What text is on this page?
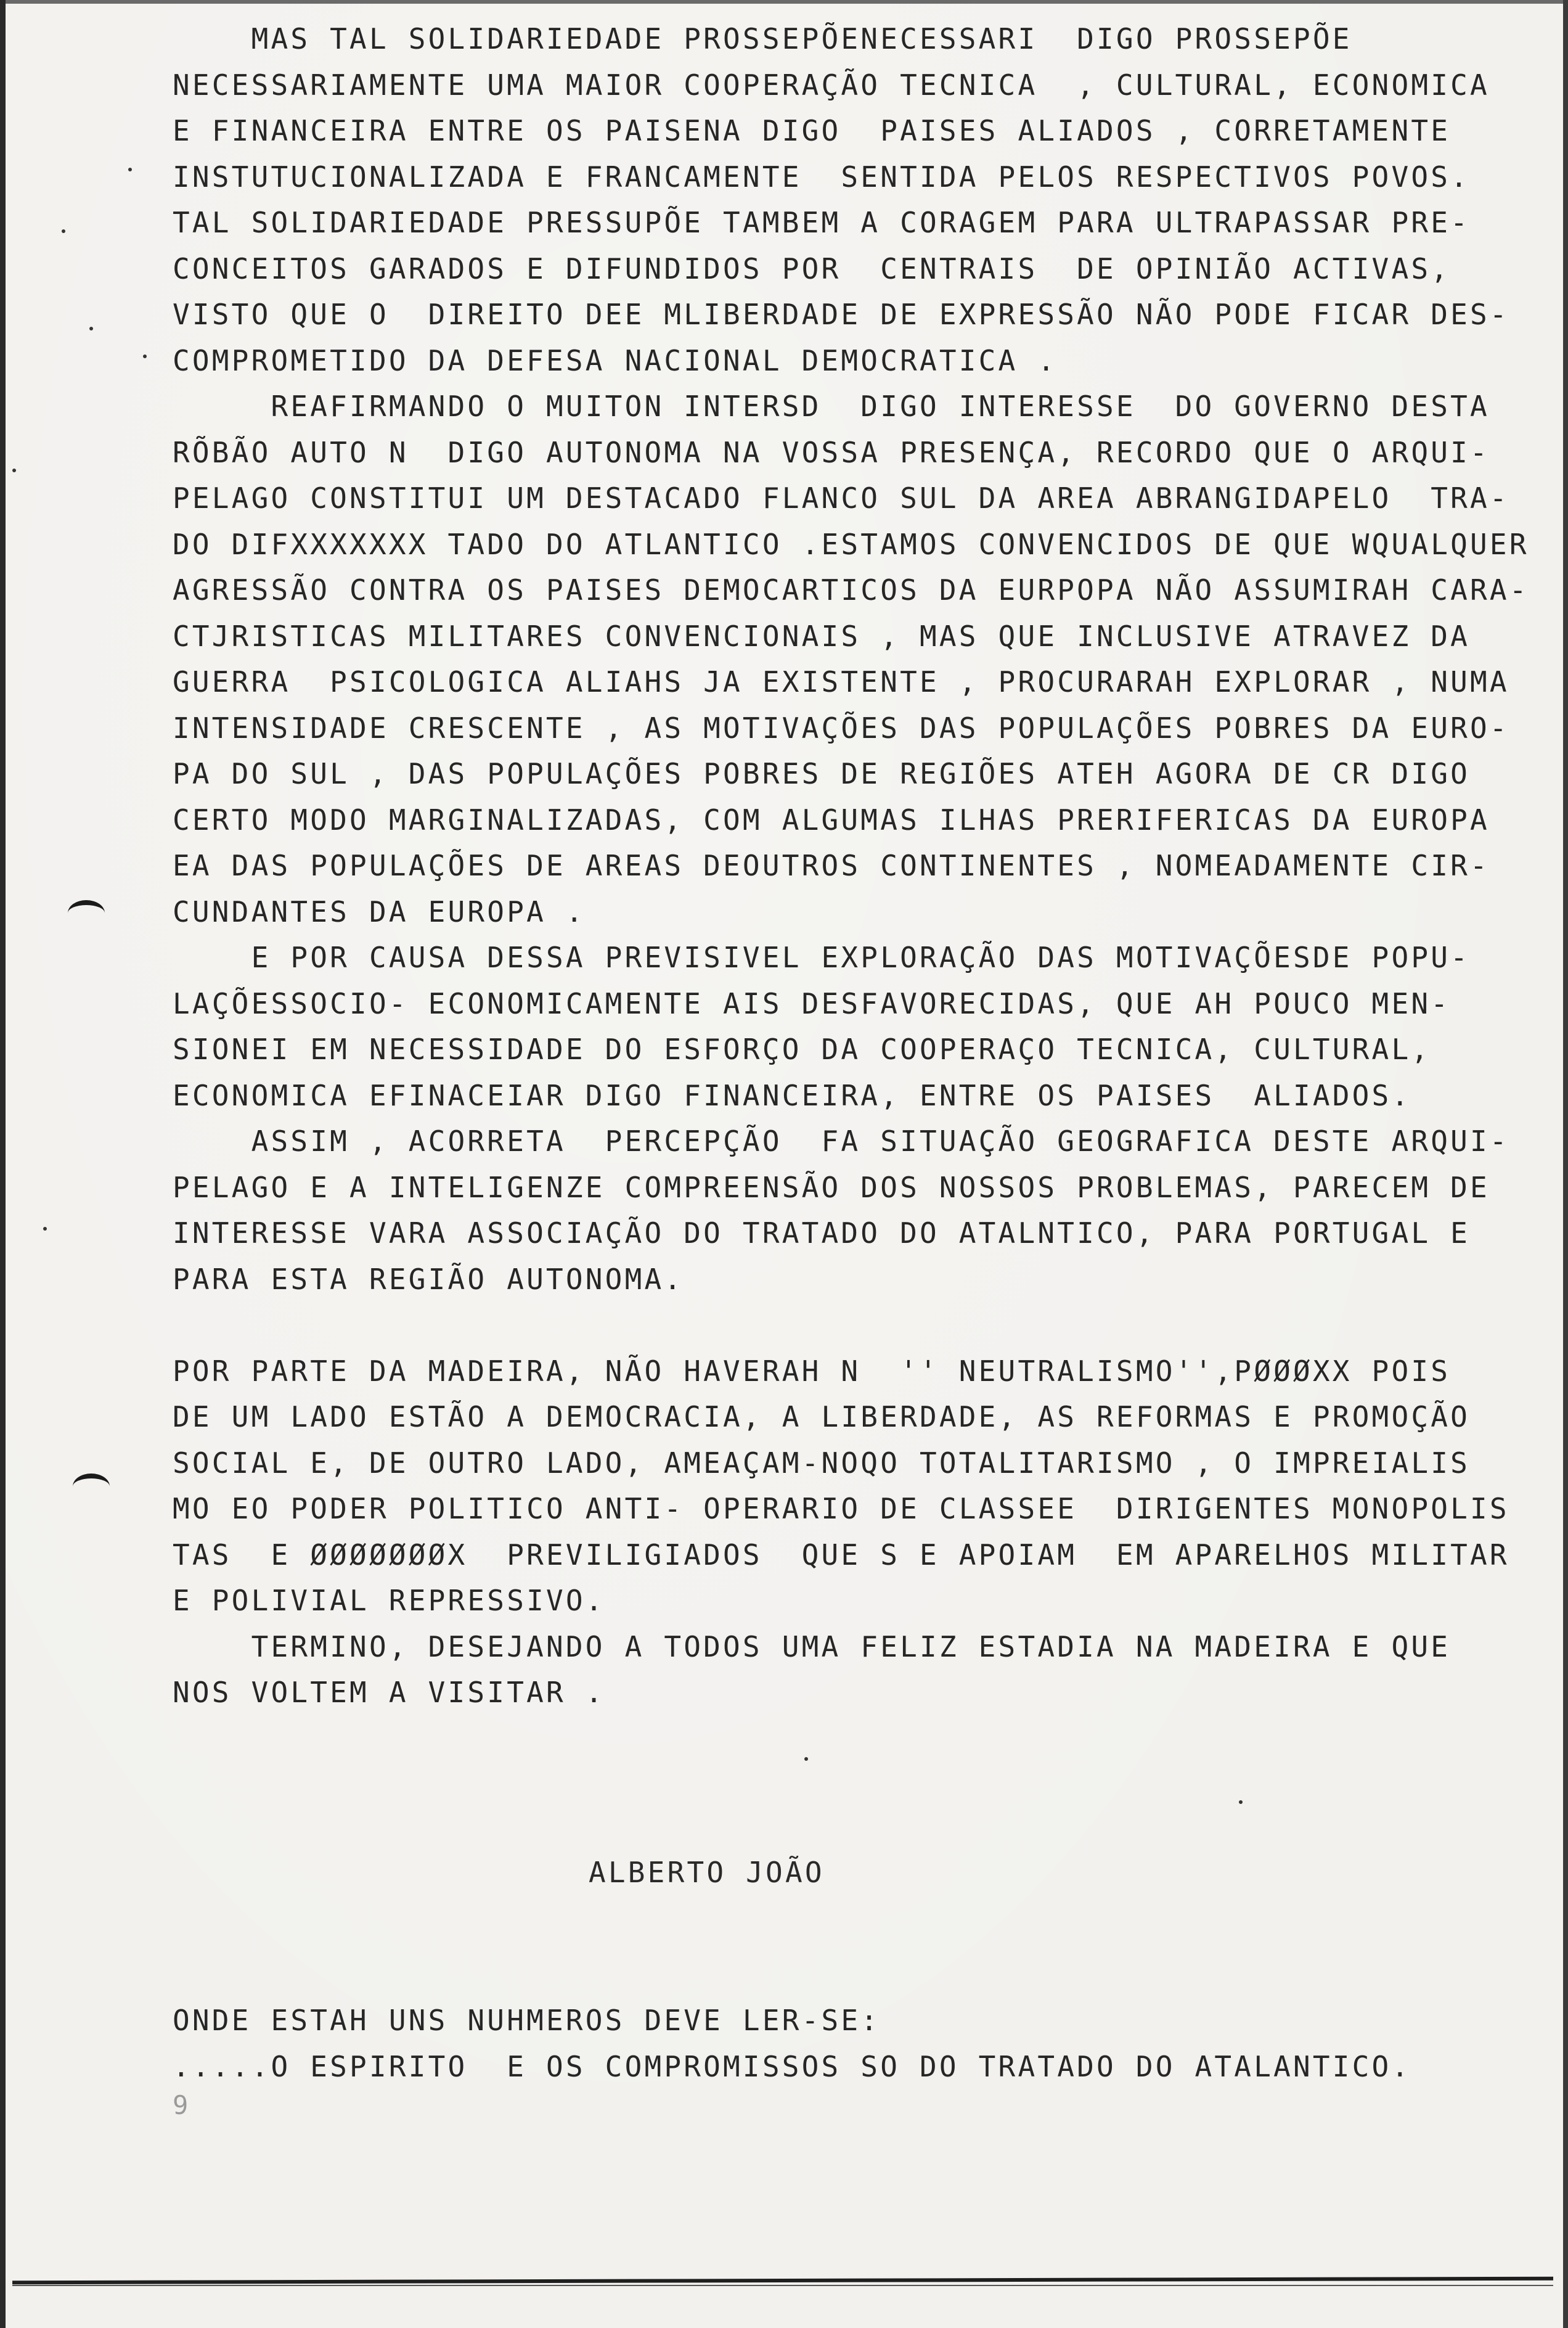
MAS TAL SOLIDARIEDADE PROSSEPÕENECESSARI  DIGO PROSSEPÕE
NECESSARIAMENTE UMA MAIOR COOPERAÇÃO TECNICA  , CULTURAL, ECONOMICA
E FINANCEIRA ENTRE OS PAISENA DIGO  PAISES ALIADOS , CORRETAMENTE
INSTUTUCIONALIZADA E FRANCAMENTE  SENTIDA PELOS RESPECTIVOS POVOS.
TAL SOLIDARIEDADE PRESSUPÕE TAMBEM A CORAGEM PARA ULTRAPASSAR PRE-
CONCEITOS GARADOS E DIFUNDIDOS POR  CENTRAIS  DE OPINIÃO ACTIVAS,
VISTO QUE O  DIREITO DEE MLIBERDADE DE EXPRESSÃO NÃO PODE FICAR DES-
COMPROMETIDO DA DEFESA NACIONAL DEMOCRATICA .
REAFIRMANDO O MUITON INTERSD  DIGO INTERESSE  DO GOVERNO DESTA
RÕBÃO AUTO N  DIGO AUTONOMA NA VOSSA PRESENÇA, RECORDO QUE O ARQUI-
PELAGO CONSTITUI UM DESTACADO FLANCO SUL DA AREA ABRANGIDAPELO  TRA-
DO DIFXXXXXXX TADO DO ATLANTICO .ESTAMOS CONVENCIDOS DE QUE WQUALQUER
AGRESSÃO CONTRA OS PAISES DEMOCARTICOS DA EURPOPA NÃO ASSUMIRAH CARA-
CTJRISTICAS MILITARES CONVENCIONAIS , MAS QUE INCLUSIVE ATRAVEZ DA
GUERRA  PSICOLOGICA ALIAHS JA EXISTENTE , PROCURARAH EXPLORAR , NUMA
INTENSIDADE CRESCENTE , AS MOTIVAÇÕES DAS POPULAÇÕES POBRES DA EURO-
PA DO SUL , DAS POPULAÇÕES POBRES DE REGIÕES ATEH AGORA DE CR DIGO
CERTO MODO MARGINALIZADAS, COM ALGUMAS ILHAS PRERIFERICAS DA EUROPA
EA DAS POPULAÇÕES DE AREAS DEOUTROS CONTINENTES , NOMEADAMENTE CIR-
CUNDANTES DA EUROPA .
E POR CAUSA DESSA PREVISIVEL EXPLORAÇÃO DAS MOTIVAÇÕESDE POPU-
LAÇÕESSOCIO- ECONOMICAMENTE AIS DESFAVORECIDAS, QUE AH POUCO MEN-
SIONEI EM NECESSIDADE DO ESFORÇO DA COOPERAÇO TECNICA, CULTURAL,
ECONOMICA EFINACEIAR DIGO FINANCEIRA, ENTRE OS PAISES  ALIADOS.
ASSIM , ACORRETA  PERCEPÇÃO  FA SITUAÇÃO GEOGRAFICA DESTE ARQUI-
PELAGO E A INTELIGENZE COMPREENSÃO DOS NOSSOS PROBLEMAS, PARECEM DE
INTERESSE VARA ASSOCIAÇÃO DO TRATADO DO ATALNTICO, PARA PORTUGAL E
PARA ESTA REGIÃO AUTONOMA.
POR PARTE DA MADEIRA, NÃO HAVERAH N  '' NEUTRALISMO'',PØØØXX POIS
DE UM LADO ESTÃO A DEMOCRACIA, A LIBERDADE, AS REFORMAS E PROMOÇÃO
SOCIAL E, DE OUTRO LADO, AMEAÇAM-NOQO TOTALITARISMO , O IMPREIALIS
MO EO PODER POLITICO ANTI- OPERARIO DE CLASSEE  DIRIGENTES MONOPOLIS
TAS  E ØØØØØØØX  PREVILIGIADOS  QUE S E APOIAM  EM APARELHOS MILITAR
E POLIVIAL REPRESSIVO.
TERMINO, DESEJANDO A TODOS UMA FELIZ ESTADIA NA MADEIRA E QUE
NOS VOLTEM A VISITAR .
ALBERTO JOÃO
ONDE ESTAH UNS NUHMEROS DEVE LER-SE:
.....O ESPIRITO  E OS COMPROMISSOS SO DO TRATADO DO ATALANTICO.
9
